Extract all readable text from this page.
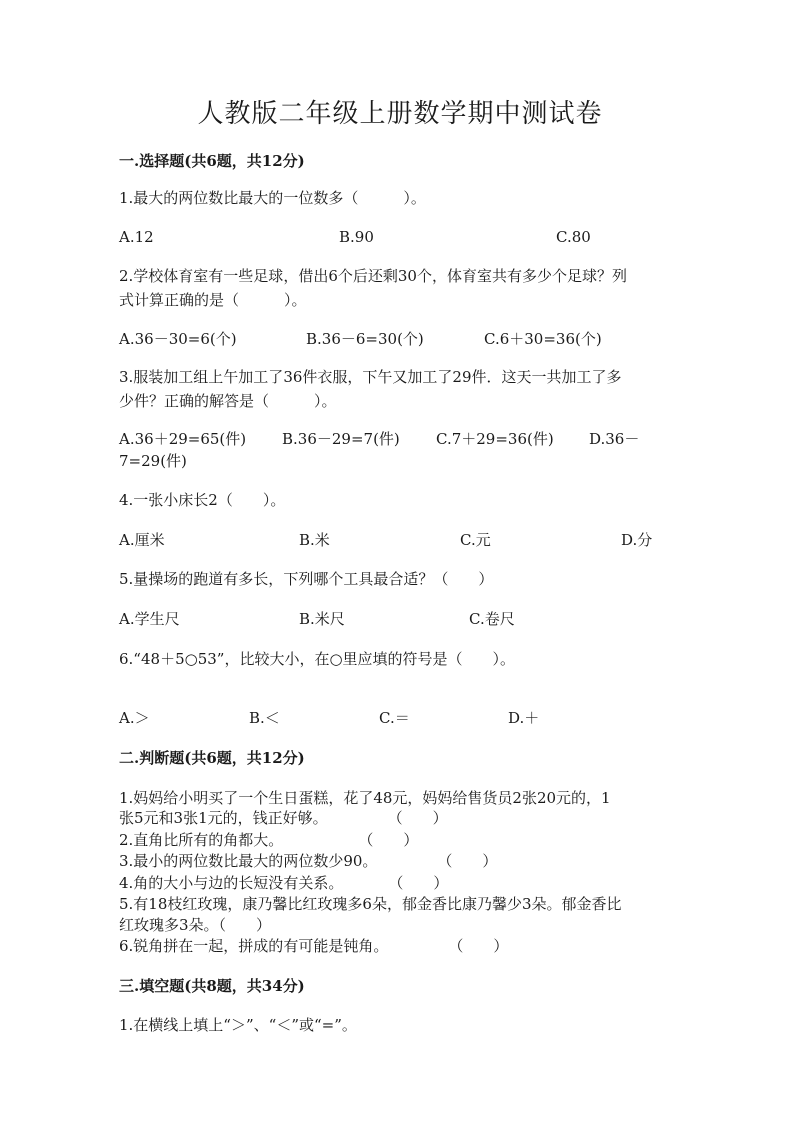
人教版二年级上册数学期中测试卷
一.选择题(共6题，共12分)
1.最大的两位数比最大的一位数多（　　　）。
A.12	B.90	C.80
2.学校体育室有一些足球，借出6个后还剩30个，体育室共有多少个足球？列
式计算正确的是（　　　）。
A.36－30=6(个)	B.36－6=30(个)	C.6＋30=36(个)
3.服装加工组上午加工了36件衣服，下午又加工了29件．这天一共加工了多
少件？正确的解答是（　　　）。
A.36＋29=65(件) B.36－29=7(件) C.7＋29=36(件) D.36－
7=29(件)
4.一张小床长2（　　）。
A.厘米	B.米	C.元	D.分
5.量操场的跑道有多长，下列哪个工具最合适？（　　）
A.学生尺	B.米尺	C.卷尺
6.“48＋5○53”，比较大小，在○里应填的符号是（　　）。
A.＞	B.＜	C.＝	D.＋
二.判断题(共6题，共12分)
1.妈妈给小明买了一个生日蛋糕，花了48元，妈妈给售货员2张20元的，1
张5元和3张1元的，钱正好够。　　　　　（　　）
2.直角比所有的角都大。　　　　　　（　　）
3.最小的两位数比最大的两位数少90。　　　　　（　　）
4.角的大小与边的长短没有关系。　　　　（　　）
5.有18枝红玫瑰，康乃馨比红玫瑰多6朵，郁金香比康乃馨少3朵。郁金香比
红玫瑰多3朵。（　　）
6.锐角拼在一起，拼成的有可能是钝角。　　　　　（　　）
三.填空题(共8题，共34分)
1.在横线上填上“＞”、“＜”或“=”。
